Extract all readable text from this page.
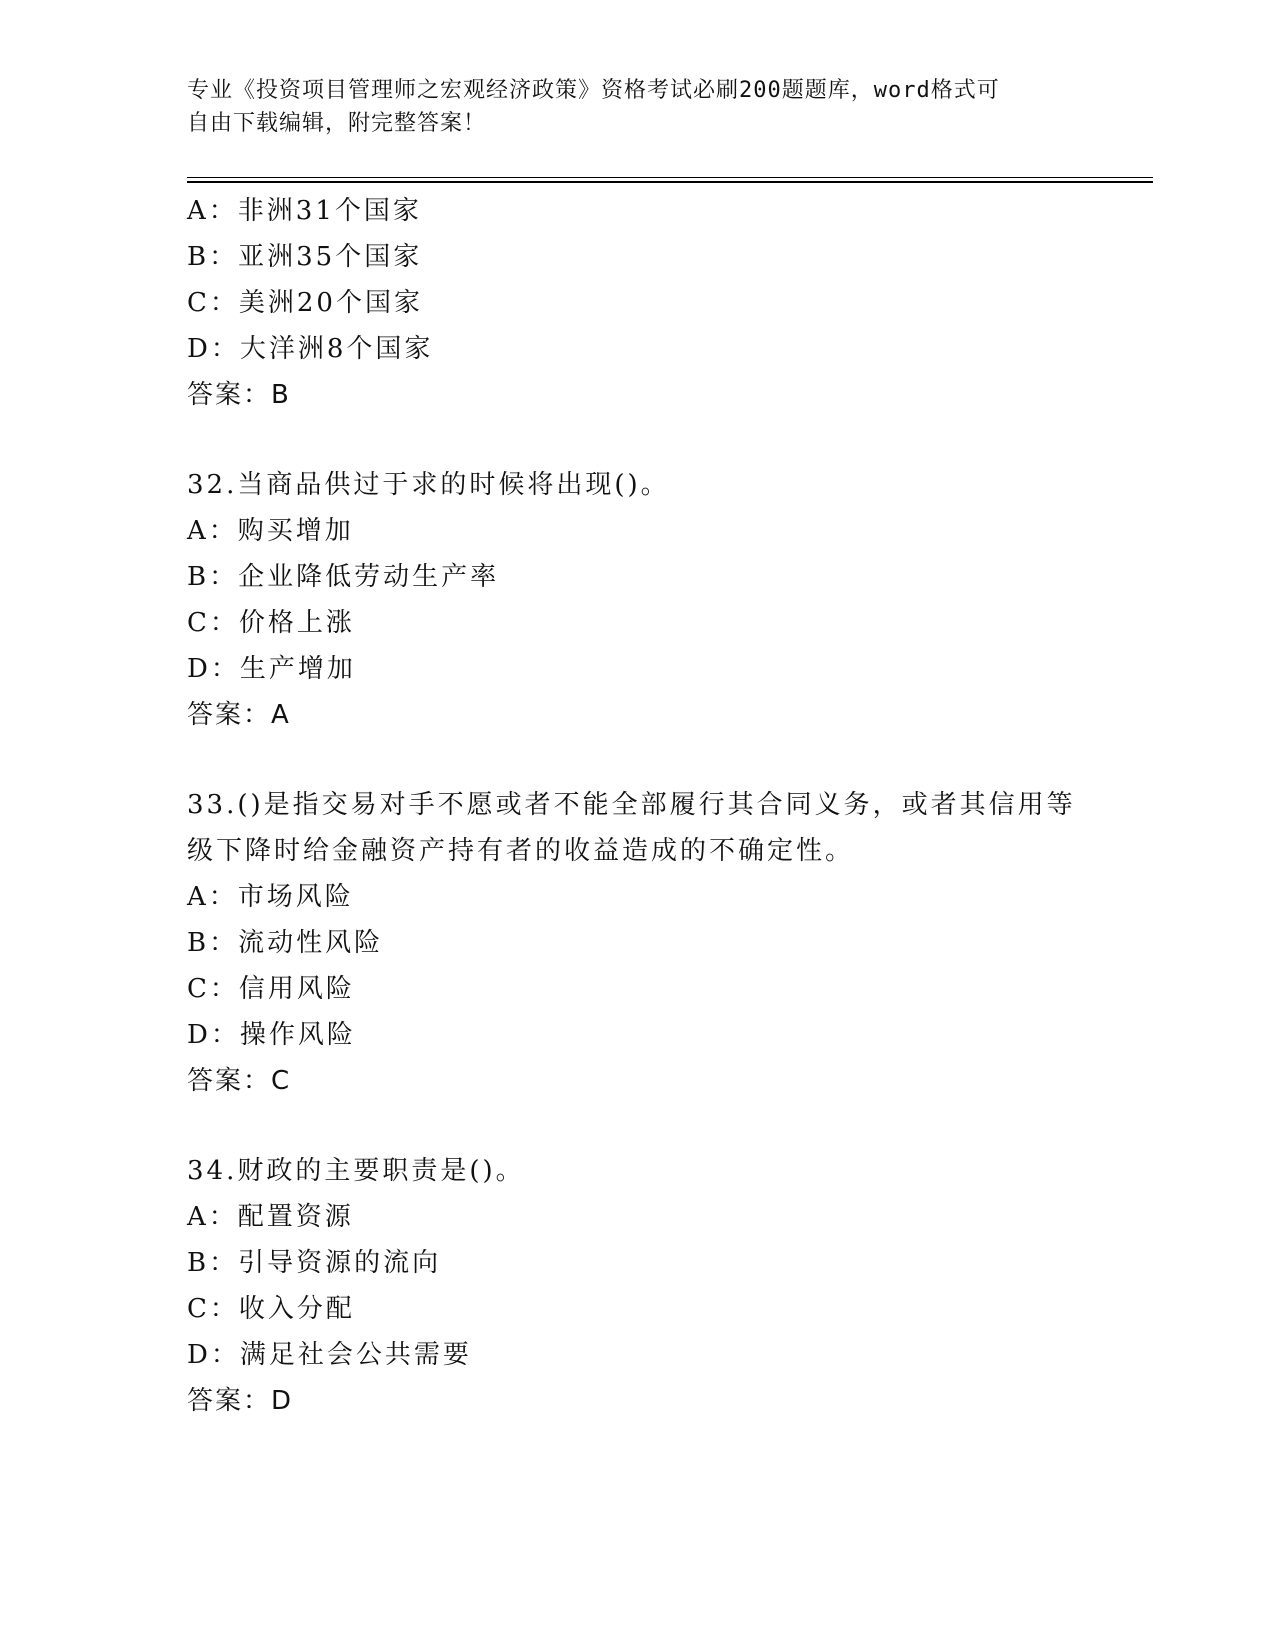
专业《投资项目管理师之宏观经济政策》资格考试必刷200题题库，word格式可
自由下载编辑，附完整答案！
A：非洲31个国家
B：亚洲35个国家
C：美洲20个国家
D：大洋洲8个国家
答案：B
32.当商品供过于求的时候将出现()。
A：购买增加
B：企业降低劳动生产率
C：价格上涨
D：生产增加
答案：A
33.()是指交易对手不愿或者不能全部履行其合同义务，或者其信用等
级下降时给金融资产持有者的收益造成的不确定性。
A：市场风险
B：流动性风险
C：信用风险
D：操作风险
答案：C
34.财政的主要职责是()。
A：配置资源
B：引导资源的流向
C：收入分配
D：满足社会公共需要
答案：D
